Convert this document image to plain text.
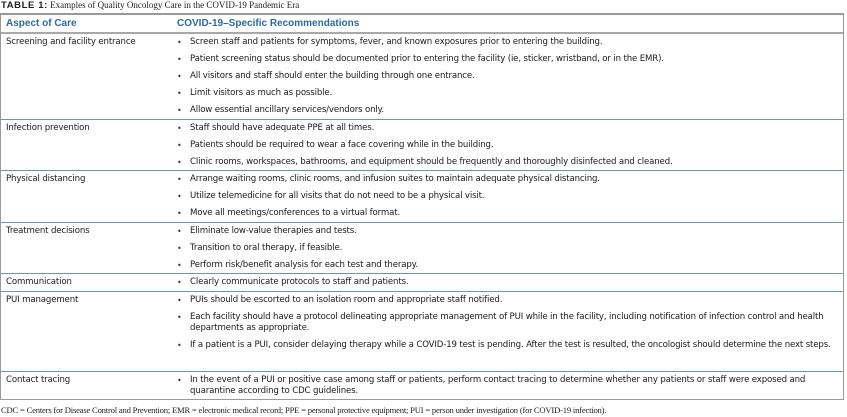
TABLE 1: Examples of Quality Oncology Care in the COVID-19 Pandemic Era
Aspect of Care	COVID-19–Specific Recommendations
Screening and facility entrance	• Screen staff and patients for symptoms, fever, and known exposures prior to entering the building.
• Patient screening status should be documented prior to entering the facility (ie, sticker, wristband, or in the EMR).
• All visitors and staff should enter the building through one entrance.
• Limit visitors as much as possible.
• Allow essential ancillary services/vendors only.
Infection prevention	• Staff should have adequate PPE at all times.
• Patients should be required to wear a face covering while in the building.
• Clinic rooms, workspaces, bathrooms, and equipment should be frequently and thoroughly disinfected and cleaned.
Physical distancing	• Arrange waiting rooms, clinic rooms, and infusion suites to maintain adequate physical distancing.
• Utilize telemedicine for all visits that do not need to be a physical visit.
• Move all meetings/conferences to a virtual format.
Treatment decisions	• Eliminate low-value therapies and tests.
• Transition to oral therapy, if feasible.
• Perform risk/benefit analysis for each test and therapy.
Communication	• Clearly communicate protocols to staff and patients.
PUI management	• PUIs should be escorted to an isolation room and appropriate staff notified.
• Each facility should have a protocol delineating appropriate management of PUI while in the facility, including notification of infection control and health departments as appropriate.
• If a patient is a PUI, consider delaying therapy while a COVID-19 test is pending. After the test is resulted, the oncologist should determine the next steps.
Contact tracing	• In the event of a PUI or positive case among staff or patients, perform contact tracing to determine whether any patients or staff were exposed and quarantine according to CDC guidelines.
CDC = Centers for Disease Control and Prevention; EMR = electronic medical record; PPE = personal protective equipment; PUI = person under investigation (for COVID-19 infection).
